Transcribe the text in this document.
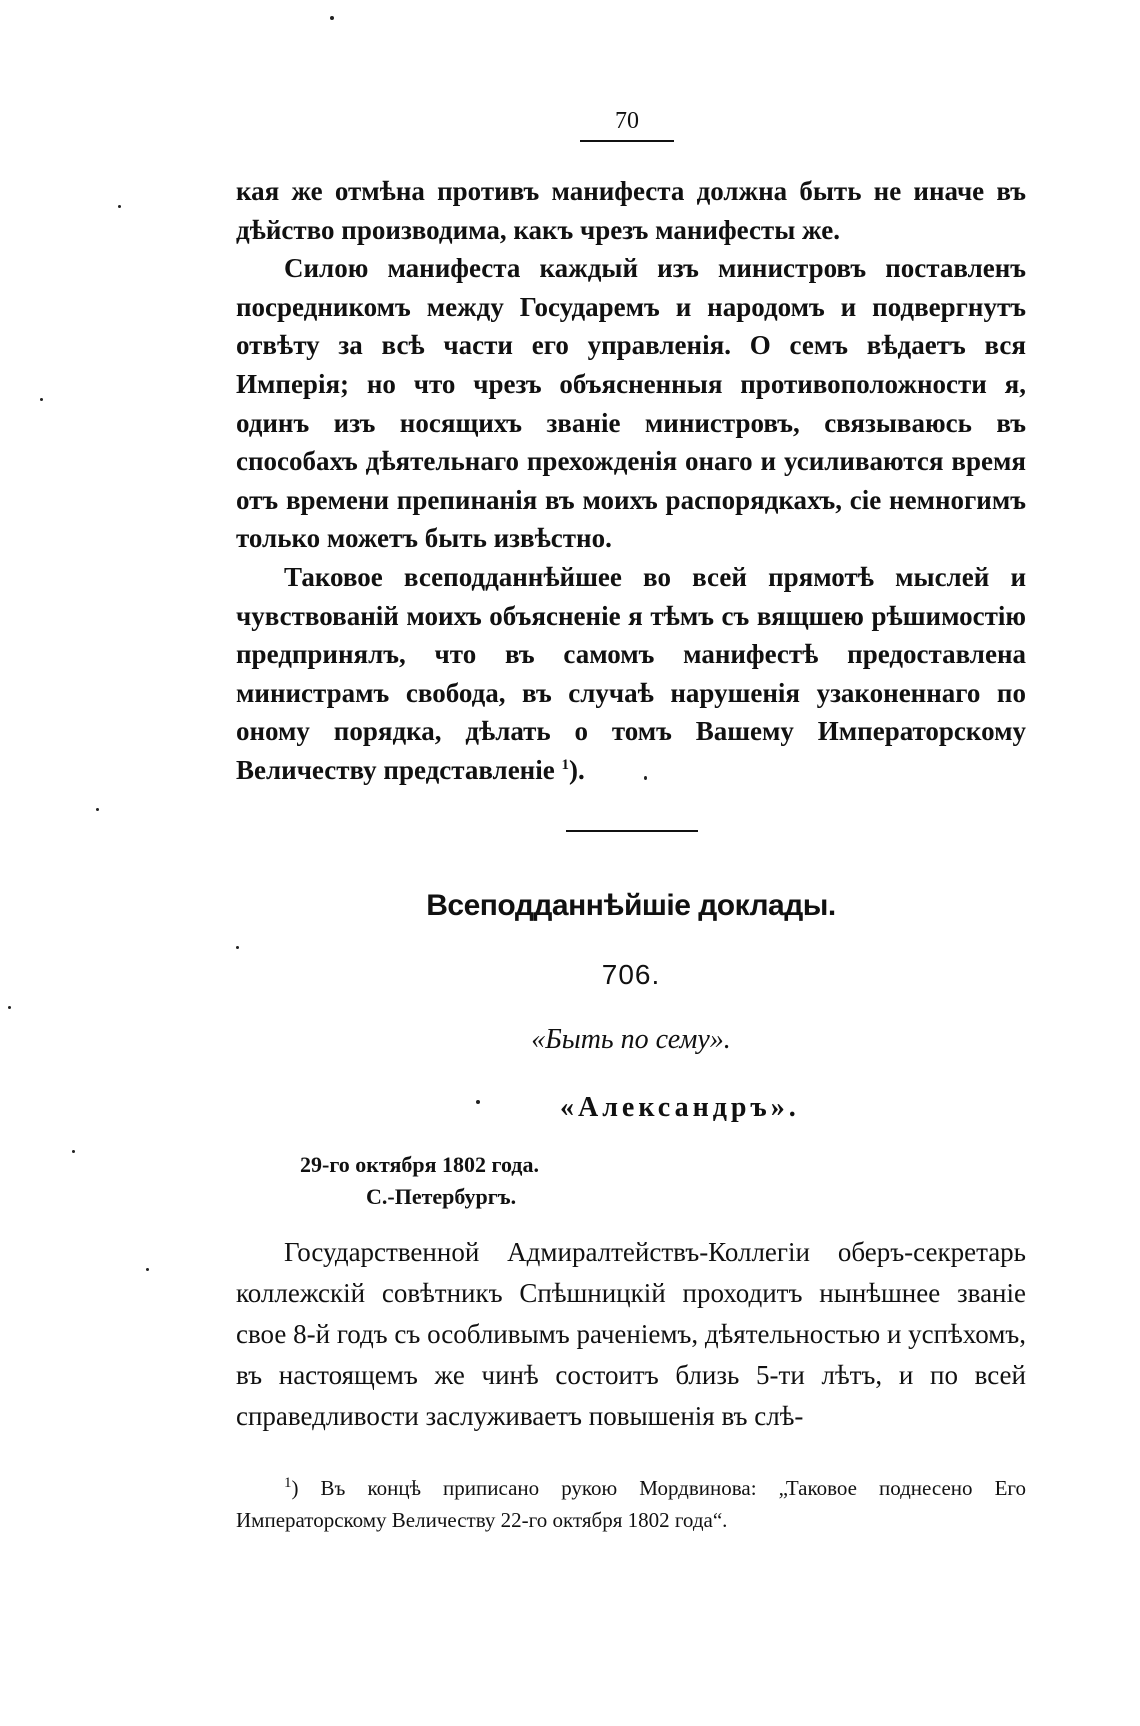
70

кая же отмѣна противъ манифеста должна быть не иначе въ дѣйство производима, какъ чрезъ манифесты же.

Силою манифеста каждый изъ министровъ поставленъ посредникомъ между Государемъ и народомъ и подвергнутъ отвѣту за всѣ части его управленія. О семъ вѣдаетъ вся Имперія; но что чрезъ объясненныя противоположности я, одинъ изъ носящихъ званіе министровъ, связываюсь въ способахъ дѣятельнаго прехожденія онаго и усиливаются время отъ времени препинанія въ моихъ распорядкахъ, сіе немногимъ только можетъ быть извѣстно.

Таковое всеподданнѣйшее во всей прямотѣ мыслей и чувствованій моихъ объясненіе я тѣмъ съ вящшею рѣшимостію предпринялъ, что въ самомъ манифестѣ предоставлена министрамъ свобода, въ случаѣ нарушенія узаконеннаго по оному порядка, дѣлать о томъ Вашему Императорскому Величеству представленіе $^1$).

Всеподданнѣйшіе доклады.
706.
«Быть по сему».
«Александръ».
29-го октября 1802 года.
С.-Петербургъ.

Государственной Адмиралтействъ-Коллегіи оберъ-секретарь коллежскій совѣтникъ Спѣшницкій проходитъ нынѣшнее званіе свое 8-й годъ съ особливымъ раченіемъ, дѣятельностью и успѣхомъ, въ настоящемъ же чинѣ состоитъ близь 5-ти лѣтъ, и по всей справедливости заслуживаетъ повышенія въ слѣ-

$^1$) Въ концѣ приписано рукою Мордвинова: „Таковое поднесено Его Императорскому Величеству 22-го октября 1802 года“.
